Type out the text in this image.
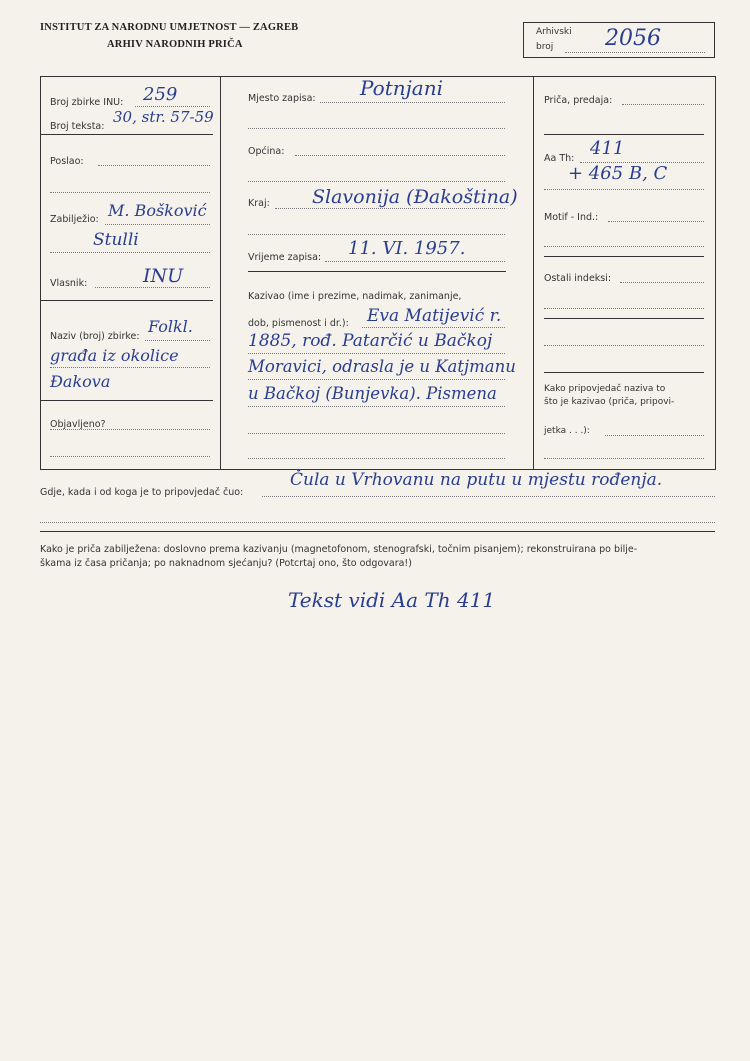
INSTITUT ZA NARODNU UMJETNOST — ZAGREB
ARHIV NARODNIH PRIČA
Arhivski
broj 2056
Broj zbirke INU: 259
Broj teksta:
30, str. 57-59
Poslao:
Zabilježio: M. Bošković
Stulli
Vlasnik:	INU
Naziv (broj) zbirke:
Folkl.
građa iz okolice
Đakova
Objavljeno?
Mjesto zapisa: Potnjani
Općina:
Kraj: Slavonija (Đakoština)
Vrijeme zapisa: 11. VI. 1957.
Kazivao (ime i prezime, nadimak, zanimanje,
dob, pismenost i dr.): Eva Matijević r.
1885, rođ. Patarčić u Bačkoj
Moravici, odrasla je u Katjmanu
u Bačkoj (Bunjevka). Pismena
Priča, predaja:
Aa Th: 411
+ 465 B, C
Motif - Ind.:
Ostali indeksi:
Kako pripovjedač naziva to
što je kazivao (priča, pripovi-
jetka . . .):
Gdje, kada i od koga je to pripovjedač čuo:
Čula u Vrhovanu na putu u mjestu rođenja.
Kako je priča zabilježena: doslovno prema kazivanju (magnetofonom, stenografski, točnim pisanjem); rekonstruirana po bilje-
škama iz časa pričanja; po naknadnom sjećanju? (Potcrtaj ono, što odgovara!)
Tekst vidi Aa Th 411
